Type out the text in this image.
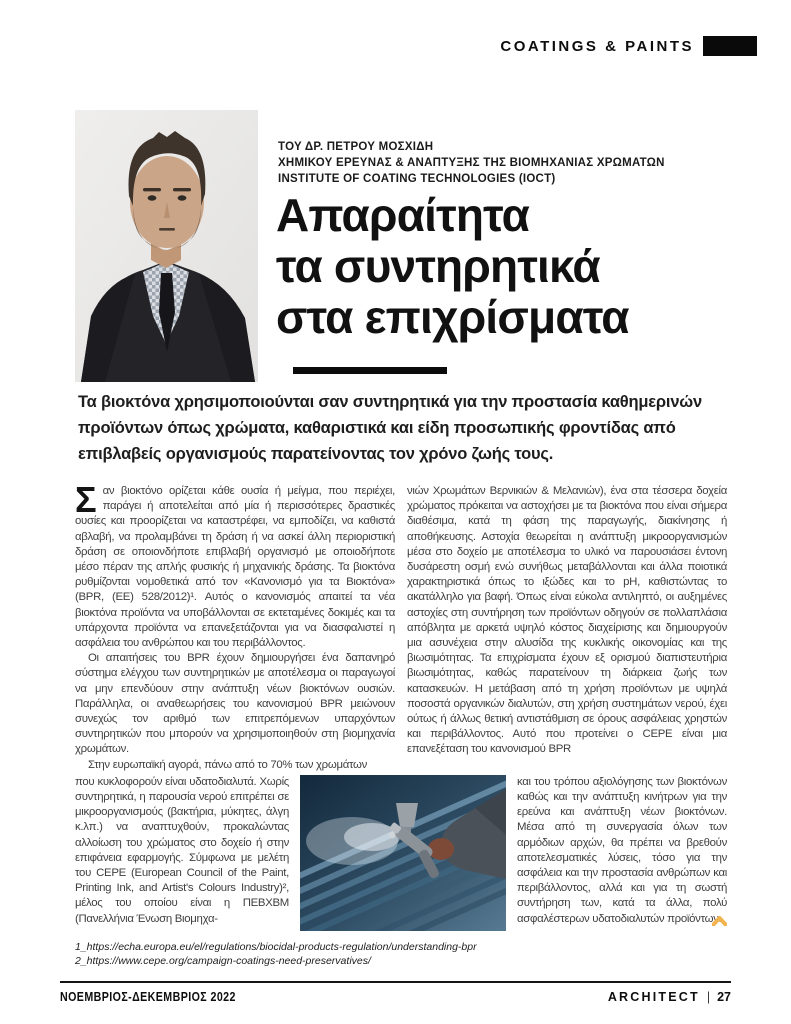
COATINGS & PAINTS
ΤΟΥ ΔΡ. ΠΕΤΡΟΥ ΜΟΣΧΙΔΗ
ΧΗΜΙΚΟΥ ΕΡΕΥΝΑΣ & ΑΝΑΠΤΥΞΗΣ ΤΗΣ ΒΙΟΜΗΧΑΝΙΑΣ ΧΡΩΜΑΤΩΝ
INSTITUTE OF COATING TECHNOLOGIES (IOCT)
Απαραίτητα
τα συντηρητικά
στα επιχρίσματα
Τα βιοκτόνα χρησιμοποιούνται σαν συντηρητικά για την προστασία καθημερινών προϊόντων όπως χρώματα, καθαριστικά και είδη προσωπικής φροντίδας από επιβλαβείς οργανισμούς παρατείνοντας τον χρόνο ζωής τους.

Σαν βιοκτόνο ορίζεται κάθε ουσία ή μείγμα, που περιέχει, παράγει ή αποτελείται από μία ή περισσότερες δραστικές ουσίες και προορίζεται να καταστρέφει, να εμποδίζει, να καθιστά αβλαβή, να προλαμβάνει τη δράση ή να ασκεί άλλη περιοριστική δράση σε οποιονδήποτε επιβλαβή οργανισμό με οποιοδήποτε μέσο πέραν της απλής φυσικής ή μηχανικής δράσης. Τα βιοκτόνα ρυθμίζονται νομοθετικά από τον «Κανονισμό για τα Βιοκτόνα» (BPR, (ΕΕ) 528/2012)¹. Αυτός ο κανονισμός απαιτεί τα νέα βιοκτόνα προϊόντα να υποβάλλονται σε εκτεταμένες δοκιμές και τα υπάρχοντα προϊόντα να επανεξετάζονται για να διασφαλιστεί η ασφάλεια του ανθρώπου και του περιβάλλοντος.

Οι απαιτήσεις του BPR έχουν δημιουργήσει ένα δαπανηρό σύστημα ελέγχου των συντηρητικών με αποτέλεσμα οι παραγωγοί να μην επενδύουν στην ανάπτυξη νέων βιοκτόνων ουσιών. Παράλληλα, οι αναθεωρήσεις του κανονισμού BPR μειώνουν συνεχώς τον αριθμό των επιτρεπόμενων υπαρχόντων συντηρητικών που μπορούν να χρησιμοποιηθούν στη βιομηχανία χρωμάτων.

Στην ευρωπαϊκή αγορά, πάνω από το 70% των χρωμάτων

νιών Χρωμάτων Βερνικιών & Μελανιών), ένα στα τέσσερα δοχεία χρώματος πρόκειται να αστοχήσει με τα βιοκτόνα που είναι σήμερα διαθέσιμα, κατά τη φάση της παραγωγής, διακίνησης ή αποθήκευσης. Αστοχία θεωρείται η ανάπτυξη μικροοργανισμών μέσα στο δοχείο με αποτέλεσμα το υλικό να παρουσιάσει έντονη δυσάρεστη οσμή ενώ συνήθως μεταβάλλονται και άλλα ποιοτικά χαρακτηριστικά όπως το ιξώδες και το pH, καθιστώντας το ακατάλληλο για βαφή. Όπως είναι εύκολα αντιληπτό, οι αυξημένες αστοχίες στη συντήρηση των προϊόντων οδηγούν σε πολλαπλάσια απόβλητα με αρκετά υψηλό κόστος διαχείρισης και δημιουργούν μια ασυνέχεια στην αλυσίδα της κυκλικής οικονομίας και της βιωσιμότητας. Τα επιχρίσματα έχουν εξ ορισμού διαπιστευτήρια βιωσιμότητας, καθώς παρατείνουν τη διάρκεια ζωής των κατασκευών. Η μετάβαση από τη χρήση προϊόντων με υψηλά ποσοστά οργανικών διαλυτών, στη χρήση συστημάτων νερού, έχει ούτως ή άλλως θετική αντιστάθμιση σε όρους ασφάλειας χρηστών και περιβάλλοντος. Αυτό που προτείνει ο CEPE είναι μια επανεξέταση του κανονισμού BPR

που κυκλοφορούν είναι υδατοδιαλυτά. Χωρίς συντηρητικά, η παρουσία νερού επιτρέπει σε μικροοργανισμούς (βακτήρια, μύκητες, άλγη κ.λπ.) να αναπτυχθούν, προκαλώντας αλλοίωση του χρώματος στο δοχείο ή στην επιφάνεια εφαρμογής. Σύμφωνα με μελέτη του CEPE (European Council of the Paint, Printing Ink, and Artist's Colours Industry)², μέλος του οποίου είναι η ΠΕΒΧΒΜ (Πανελλήνια Ένωση Βιομηχα-

και του τρόπου αξιολόγησης των βιοκτόνων καθώς και την ανάπτυξη κινήτρων για την ερεύνα και ανάπτυξη νέων βιοκτόνων. Μέσα από τη συνεργασία όλων των αρμόδιων αρχών, θα πρέπει να βρεθούν αποτελεσματικές λύσεις, τόσο για την ασφάλεια και την προστασία ανθρώπων και περιβάλλοντος, αλλά και για τη σωστή συντήρηση των, κατά τα άλλα, πολύ ασφαλέστερων υδατοδιαλυτών προϊόντων.
1_https://echa.europa.eu/el/regulations/biocidal-products-regulation/understanding-bpr
2_https://www.cepe.org/campaign-coatings-need-preservatives/
ΝΟΕΜΒΡΙΟΣ-ΔΕΚΕΜΒΡΙΟΣ 2022	ARCHITECT | 27
